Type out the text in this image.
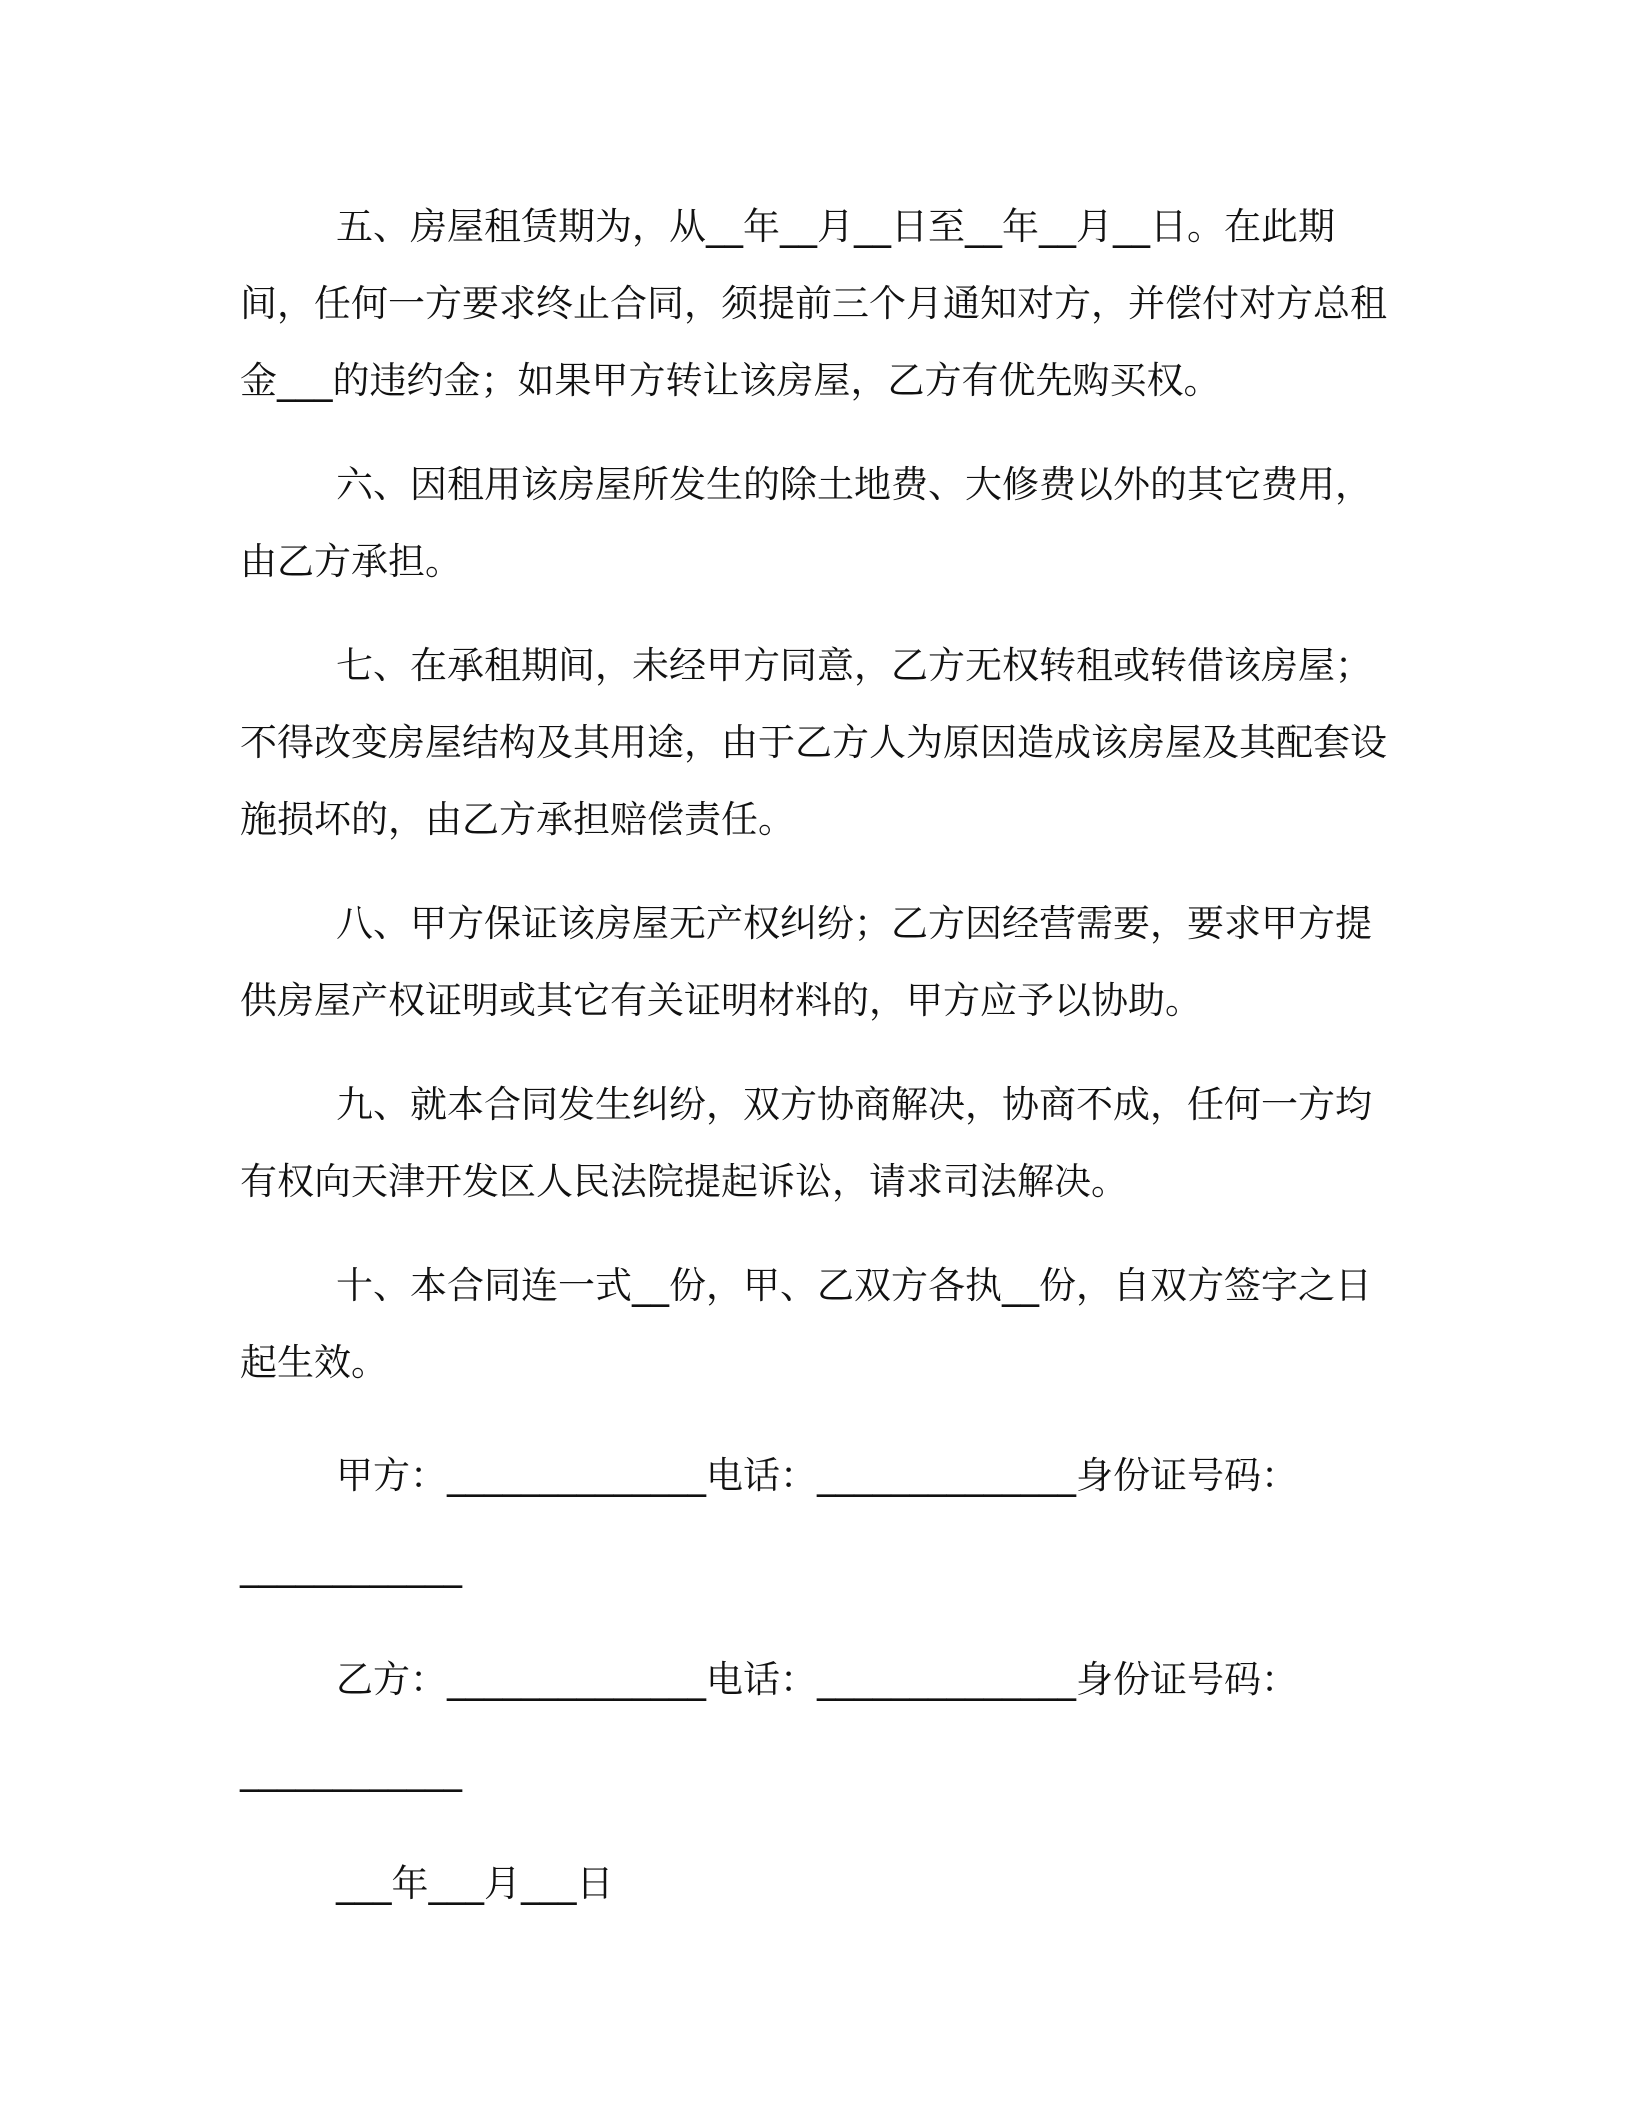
五、房屋租赁期为，从__年__月__日至__年__月__日。在此期间，任何一方要求终止合同，须提前三个月通知对方，并偿付对方总租金___的违约金；如果甲方转让该房屋，乙方有优先购买权。

六、因租用该房屋所发生的除土地费、大修费以外的其它费用，由乙方承担。

七、在承租期间，未经甲方同意，乙方无权转租或转借该房屋；不得改变房屋结构及其用途，由于乙方人为原因造成该房屋及其配套设施损坏的，由乙方承担赔偿责任。

八、甲方保证该房屋无产权纠纷；乙方因经营需要，要求甲方提供房屋产权证明或其它有关证明材料的，甲方应予以协助。

九、就本合同发生纠纷，双方协商解决，协商不成，任何一方均有权向天津开发区人民法院提起诉讼，请求司法解决。

十、本合同连一式__份，甲、乙双方各执__份，自双方签字之日起生效。

甲方：______________电话：______________身份证号码：

____________

乙方：______________电话：______________身份证号码：

____________

___年___月___日
